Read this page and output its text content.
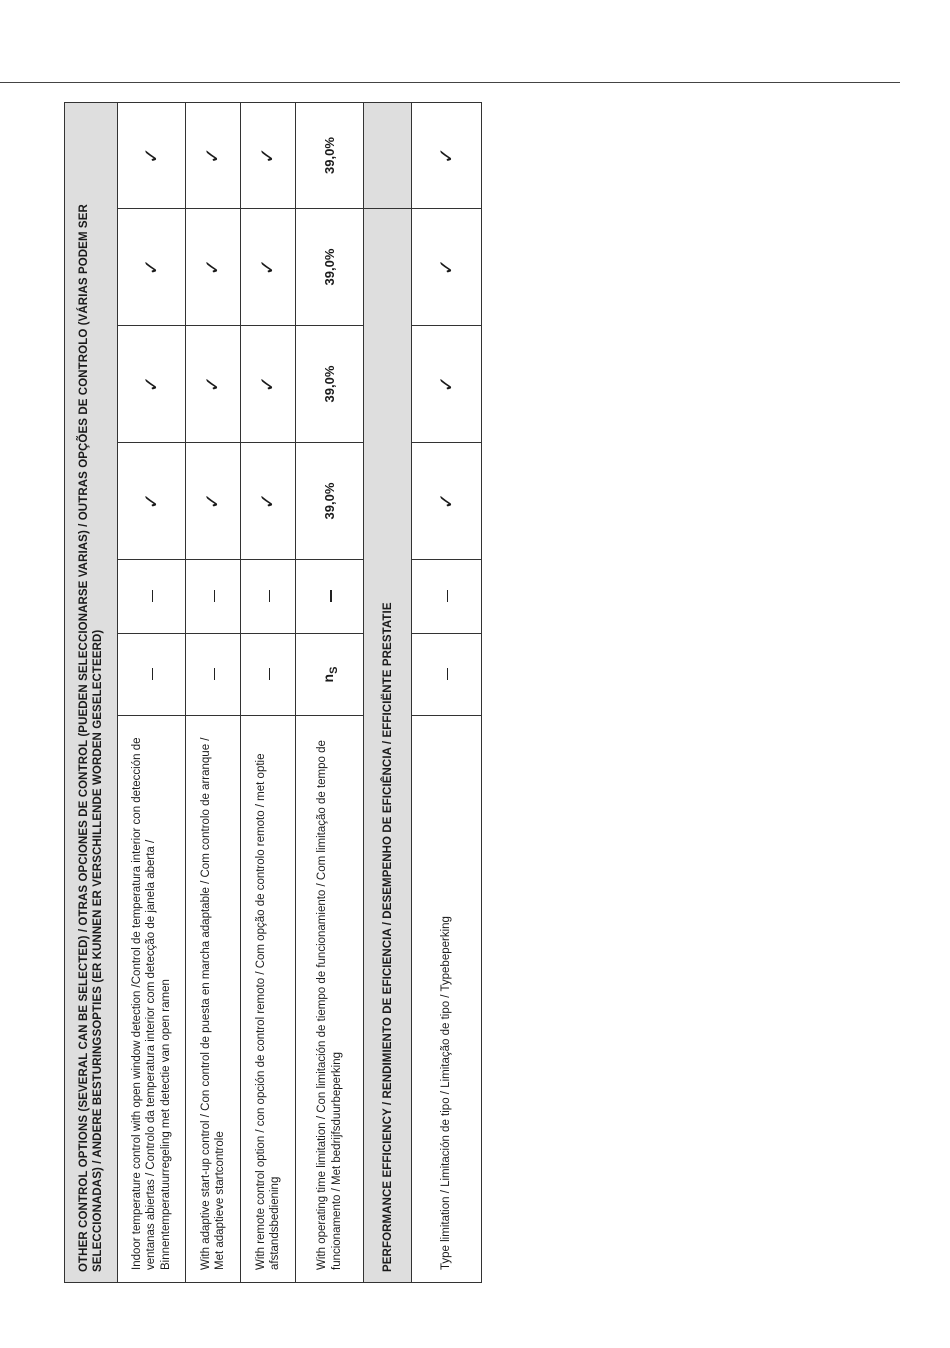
OTHER CONTROL OPTIONS (SEVERAL CAN BE SELECTED) / OTRAS OPCIONES DE CONTROL (PUEDEN SELECCIONARSE VARIAS) / OUTRAS OPÇÕES DE CONTROLO (VÁRIAS PODEM SER SELECCIONADAS) / ANDERE BESTURINGSOPTIES (ER KUNNEN ER VERSCHILLENDE WORDEN GESELECTEERD)						
Indoor temperature control with open window detection /Control de temperatura interior con detección de ventanas abiertas / Controlo da temperatura interior com detecção de janela aberta / Binnentemperatuurregeling met detectie van open ramen			✓	✓	✓	✓
With adaptive start-up control / Con control de puesta en marcha adaptable / Com controlo de arranque / Met adaptieve startcontrole			✓	✓	✓	✓
With remote control option / con opción de control remoto / Com opção de controlo remoto / met optie afstandsbediening			✓	✓	✓	✓
With operating time limitation / Con limitación de tiempo de funcionamiento / Com limitação de tempo de funcionamento / Met bedrijfsduurbeperking	$n_S$		39,0%	39,0%	39,0%	39,0%
PERFORMANCE EFFICIENCY / RENDIMIENTO DE EFICIENCIA / DESEMPENHO DE EFICIÊNCIA / EFFICIËNTE PRESTATIE						
Type limitation / Limitación de tipo / Limitação de tipo / Typebeperking			✓	✓	✓	✓
